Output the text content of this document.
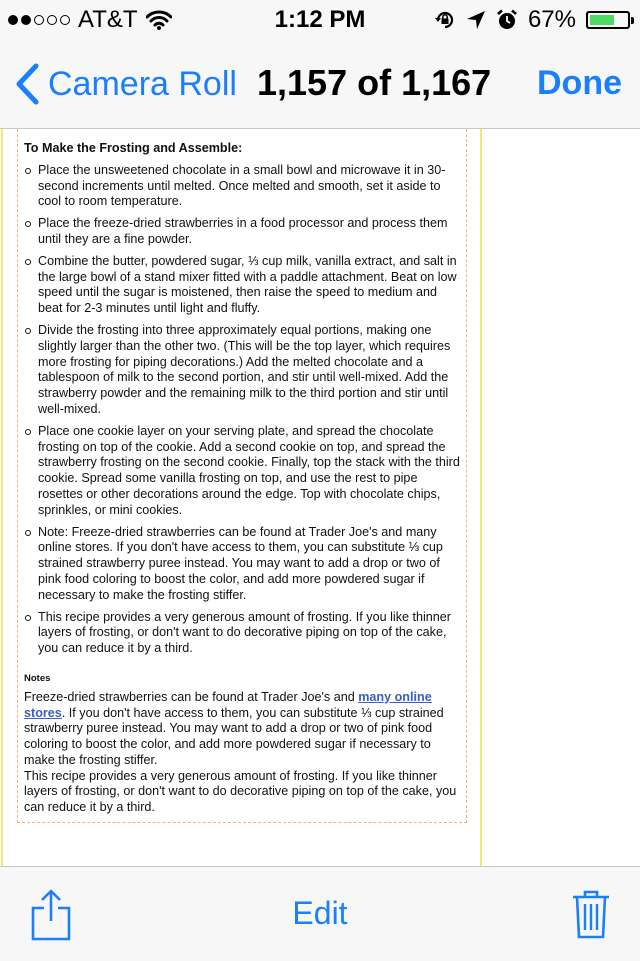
AT&T	1:12 PM	67%
Camera Roll 1,157 of 1,167 Done
To Make the Frosting and Assemble:
Place the unsweetened chocolate in a small bowl and microwave it in 30-second increments until melted. Once melted and smooth, set it aside to cool to room temperature.
Place the freeze-dried strawberries in a food processor and process them until they are a fine powder.
Combine the butter, powdered sugar, ⅓ cup milk, vanilla extract, and salt in the large bowl of a stand mixer fitted with a paddle attachment. Beat on low speed until the sugar is moistened, then raise the speed to medium and beat for 2-3 minutes until light and fluffy.
Divide the frosting into three approximately equal portions, making one slightly larger than the other two. (This will be the top layer, which requires more frosting for piping decorations.) Add the melted chocolate and a tablespoon of milk to the second portion, and stir until well-mixed. Add the strawberry powder and the remaining milk to the third portion and stir until well-mixed.
Place one cookie layer on your serving plate, and spread the chocolate frosting on top of the cookie. Add a second cookie on top, and spread the strawberry frosting on the second cookie. Finally, top the stack with the third cookie. Spread some vanilla frosting on top, and use the rest to pipe rosettes or other decorations around the edge. Top with chocolate chips, sprinkles, or mini cookies.
Note: Freeze-dried strawberries can be found at Trader Joe's and many online stores. If you don't have access to them, you can substitute ⅓ cup strained strawberry puree instead. You may want to add a drop or two of pink food coloring to boost the color, and add more powdered sugar if necessary to make the frosting stiffer.
This recipe provides a very generous amount of frosting. If you like thinner layers of frosting, or don't want to do decorative piping on top of the cake, you can reduce it by a third.
Notes

Freeze-dried strawberries can be found at Trader Joe's and many online stores. If you don't have access to them, you can substitute ⅓ cup strained strawberry puree instead. You may want to add a drop or two of pink food coloring to boost the color, and add more powdered sugar if necessary to make the frosting stiffer.

This recipe provides a very generous amount of frosting. If you like thinner layers of frosting, or don't want to do decorative piping on top of the cake, you can reduce it by a third.

Edit
